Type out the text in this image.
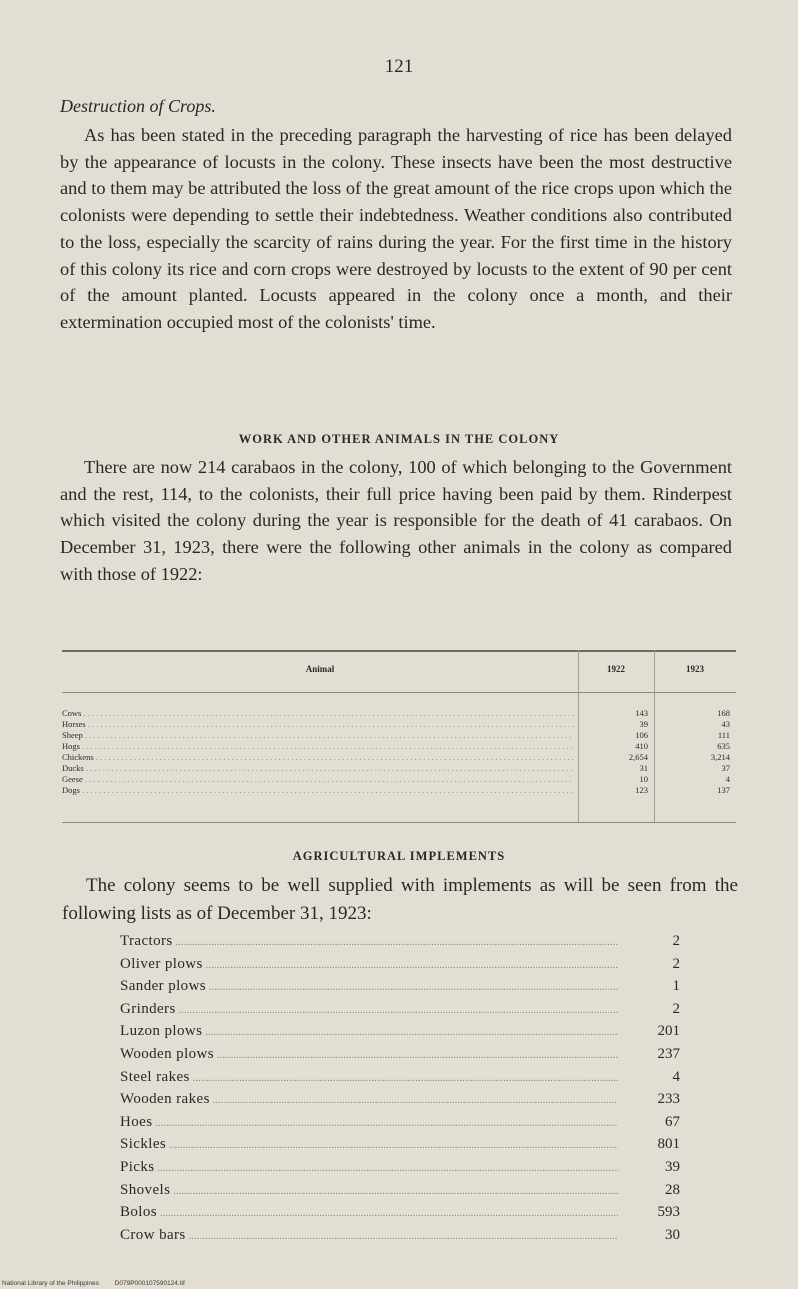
121
Destruction of Crops.
As has been stated in the preceding paragraph the harvesting of rice has been delayed by the appearance of locusts in the colony. These insects have been the most destructive and to them may be attributed the loss of the great amount of the rice crops upon which the colonists were depending to settle their indebtedness. Weather conditions also contributed to the loss, especially the scarcity of rains during the year. For the first time in the history of this colony its rice and corn crops were destroyed by locusts to the extent of 90 per cent of the amount planted. Locusts appeared in the colony once a month, and their extermination occupied most of the colonists' time.
WORK AND OTHER ANIMALS IN THE COLONY
There are now 214 carabaos in the colony, 100 of which belonging to the Government and the rest, 114, to the colonists, their full price having been paid by them. Rinderpest which visited the colony during the year is responsible for the death of 41 carabaos. On December 31, 1923, there were the following other animals in the colony as compared with those of 1922:
Animal	1922	1923
Cows . . .	143	168
Horses . . .	39	43
Sheep . . .	106	111
Hogs . . .	410	635
Chickens . . .	2,654	3,214
Ducks . . .	31	37
Geese . . .	10	4
Dogs . . .	123	137
AGRICULTURAL IMPLEMENTS
The colony seems to be well supplied with implements as will be seen from the following lists as of December 31, 1923:
Tractors .....	2
Oliver plows .....	2
Sander plows .....	1
Grinders .....	2
Luzon plows .....	201
Wooden plows .....	237
Steel rakes .....	4
Wooden rakes .....	233
Hoes .....	67
Sickles .....	801
Picks .....	39
Shovels .....	28
Bolos .....	593
Crow bars .....	30
National Library of the Philippines D079P000107590124.tif
